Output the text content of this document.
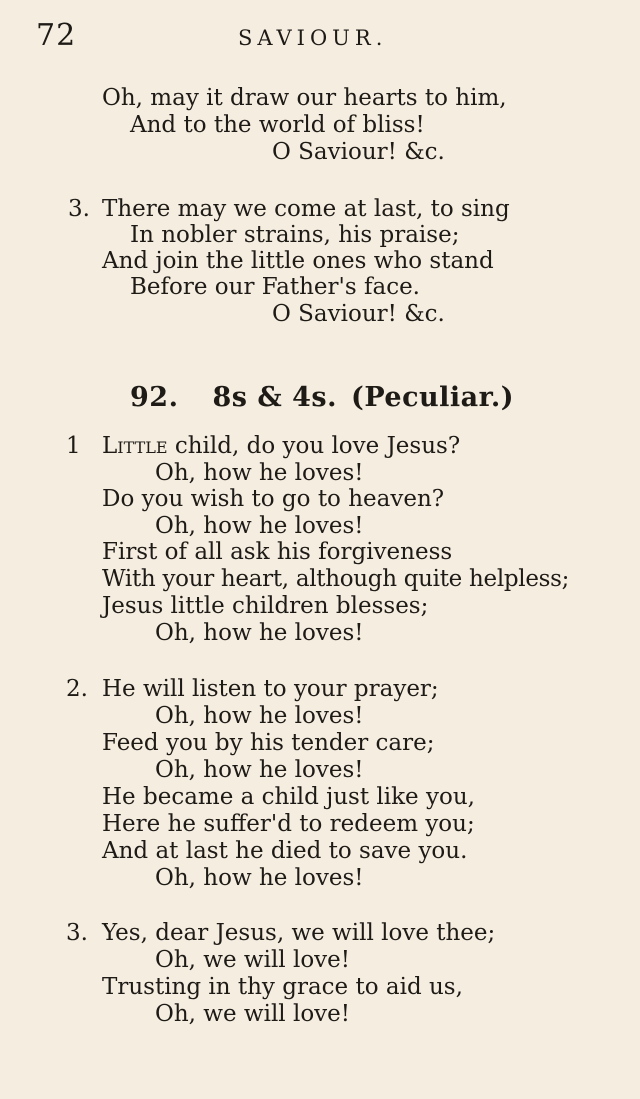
72	SAVIOUR.
Oh, may it draw our hearts to him,
And to the world of bliss!
O Saviour! &c.
3. There may we come at last, to sing
In nobler strains, his praise;
And join the little ones who stand
Before our Father's face.
O Saviour! &c.
92. 8s & 4s. (Peculiar.)
1 Little child, do you love Jesus?
Oh, how he loves!
Do you wish to go to heaven?
Oh, how he loves!
First of all ask his forgiveness
With your heart, although quite helpless;
Jesus little children blesses;
Oh, how he loves!
2. He will listen to your prayer;
Oh, how he loves!
Feed you by his tender care;
Oh, how he loves!
He became a child just like you,
Here he suffer'd to redeem you;
And at last he died to save you.
Oh, how he loves!
3. Yes, dear Jesus, we will love thee;
Oh, we will love!
Trusting in thy grace to aid us,
Oh, we will love!
